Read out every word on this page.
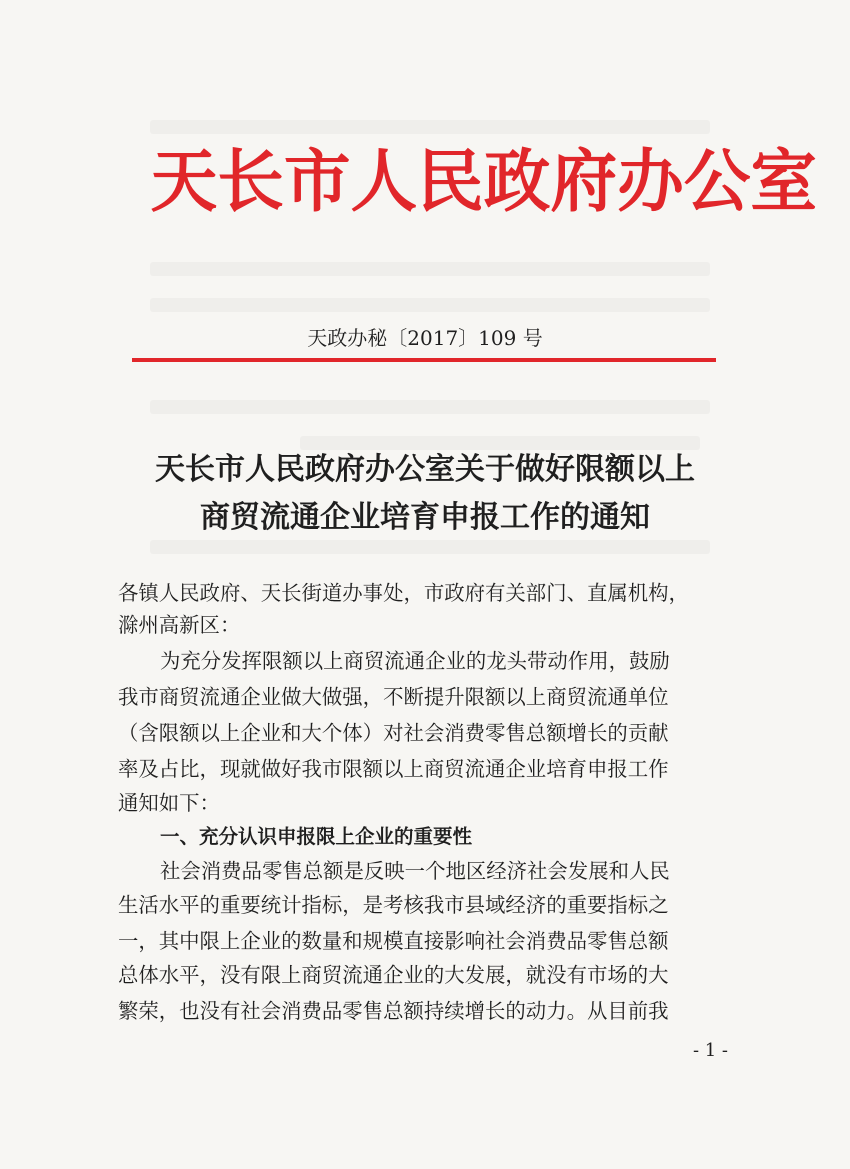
天长市人民政府办公室
天政办秘〔2017〕109 号
天长市人民政府办公室关于做好限额以上
商贸流通企业培育申报工作的通知
各镇人民政府、天长街道办事处，市政府有关部门、直属机构，
滁州高新区：
为充分发挥限额以上商贸流通企业的龙头带动作用，鼓励
我市商贸流通企业做大做强，不断提升限额以上商贸流通单位
（含限额以上企业和大个体）对社会消费零售总额增长的贡献
率及占比，现就做好我市限额以上商贸流通企业培育申报工作
通知如下：
一、充分认识申报限上企业的重要性
社会消费品零售总额是反映一个地区经济社会发展和人民
生活水平的重要统计指标，是考核我市县域经济的重要指标之
一，其中限上企业的数量和规模直接影响社会消费品零售总额
总体水平，没有限上商贸流通企业的大发展，就没有市场的大
繁荣，也没有社会消费品零售总额持续增长的动力。从目前我
- 1 -
